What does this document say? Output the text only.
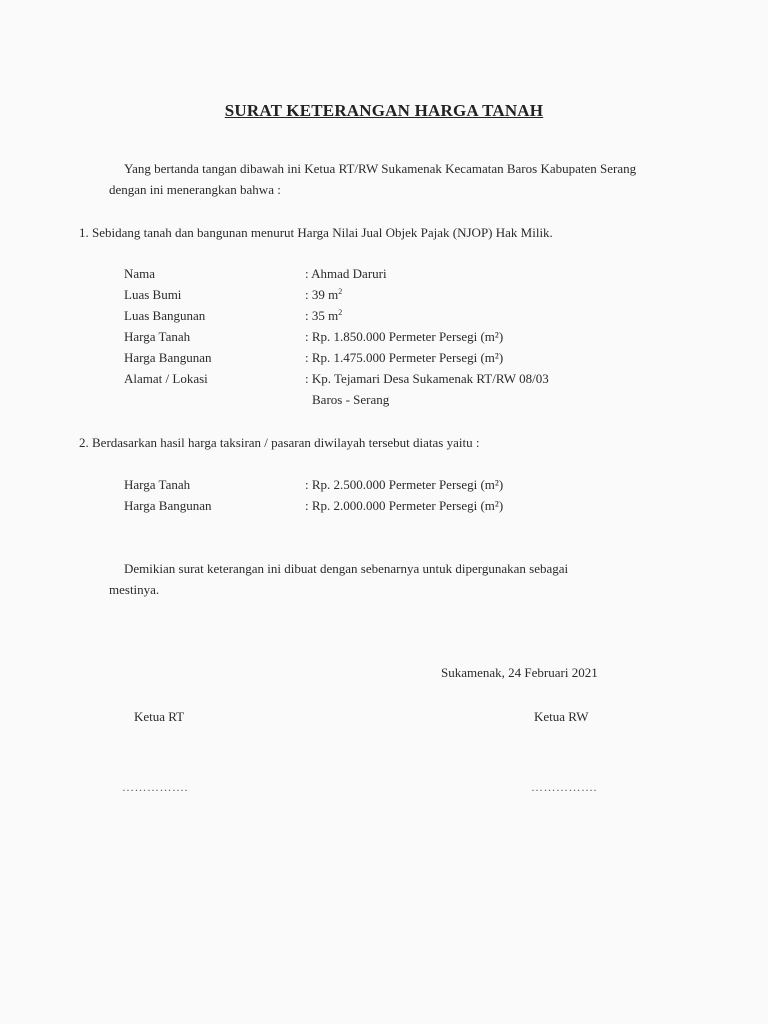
SURAT KETERANGAN HARGA TANAH
Yang bertanda tangan dibawah ini Ketua RT/RW Sukamenak Kecamatan Baros Kabupaten Serang
dengan ini menerangkan bahwa :
1. Sebidang tanah dan bangunan menurut Harga Nilai Jual Objek Pajak (NJOP) Hak Milik.
Nama	: Ahmad Daruri
Luas Bumi	: 39 $m^2$
Luas Bangunan	: 35 $m^2$
Harga Tanah	: Rp. 1.850.000 Permeter Persegi (m²)
Harga Bangunan	: Rp. 1.475.000 Permeter Persegi (m²)
Alamat / Lokasi	: Kp. Tejamari Desa Sukamenak RT/RW 08/03
Baros - Serang
2. Berdasarkan hasil harga taksiran / pasaran diwilayah tersebut diatas yaitu :
Harga Tanah	: Rp. 2.500.000 Permeter Persegi (m²)
Harga Bangunan	: Rp. 2.000.000 Permeter Persegi (m²)
Demikian surat keterangan ini dibuat dengan sebenarnya untuk dipergunakan sebagai
mestinya.
Sukamenak, 24 Februari 2021
Ketua RT	Ketua RW
…………….	…………….
